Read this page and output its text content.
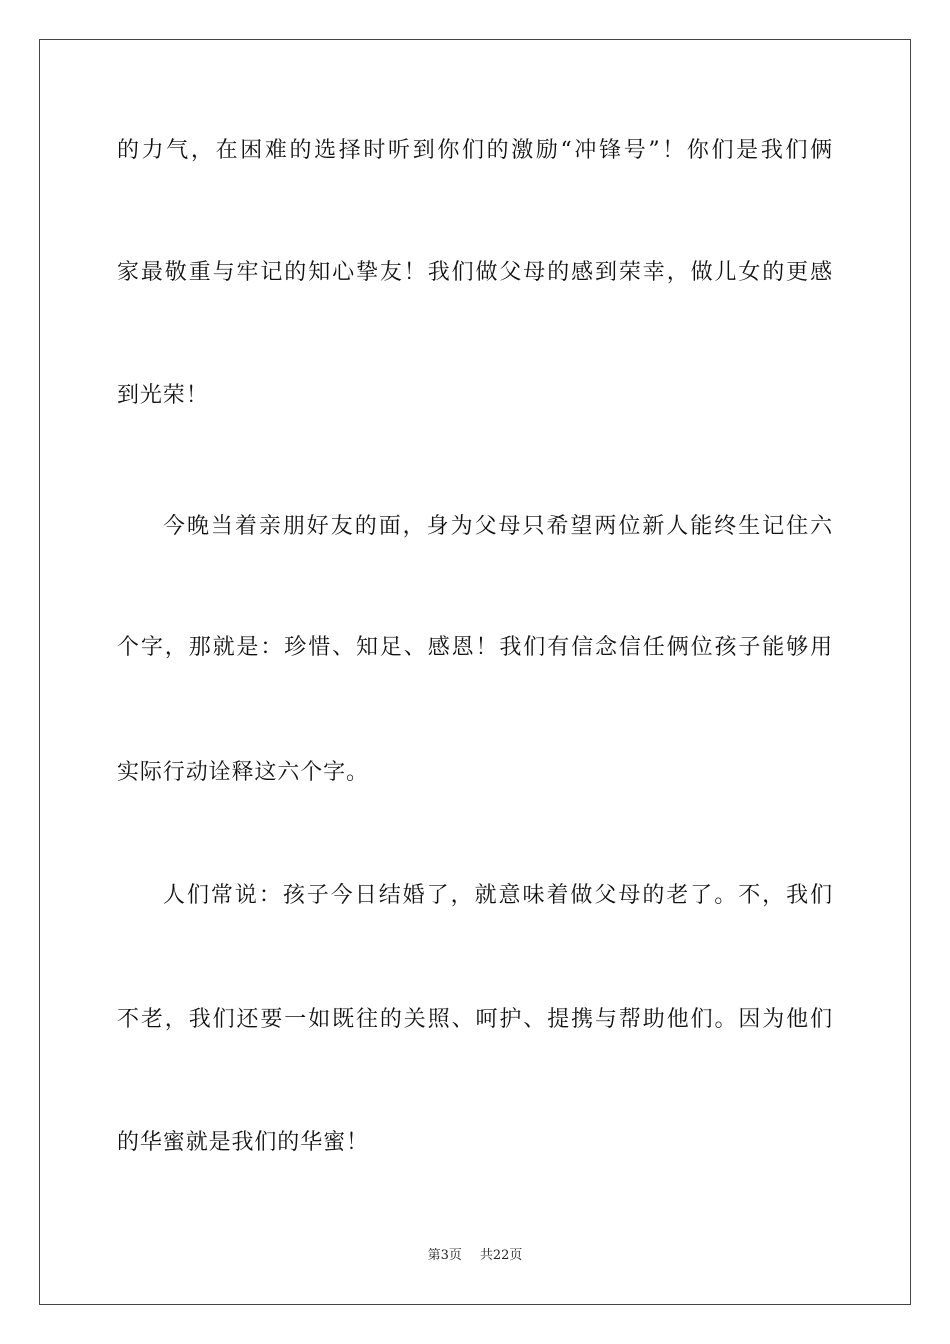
的力气，在困难的选择时听到你们的激励“冲锋号”！你们是我们俩
家最敬重与牢记的知心挚友！我们做父母的感到荣幸，做儿女的更感
到光荣！
今晚当着亲朋好友的面，身为父母只希望两位新人能终生记住六
个字，那就是：珍惜、知足、感恩！我们有信念信任俩位孩子能够用
实际行动诠释这六个字。
人们常说：孩子今日结婚了，就意味着做父母的老了。不，我们
不老，我们还要一如既往的关照、呵护、提携与帮助他们。因为他们
的华蜜就是我们的华蜜！
第3页 共22页
